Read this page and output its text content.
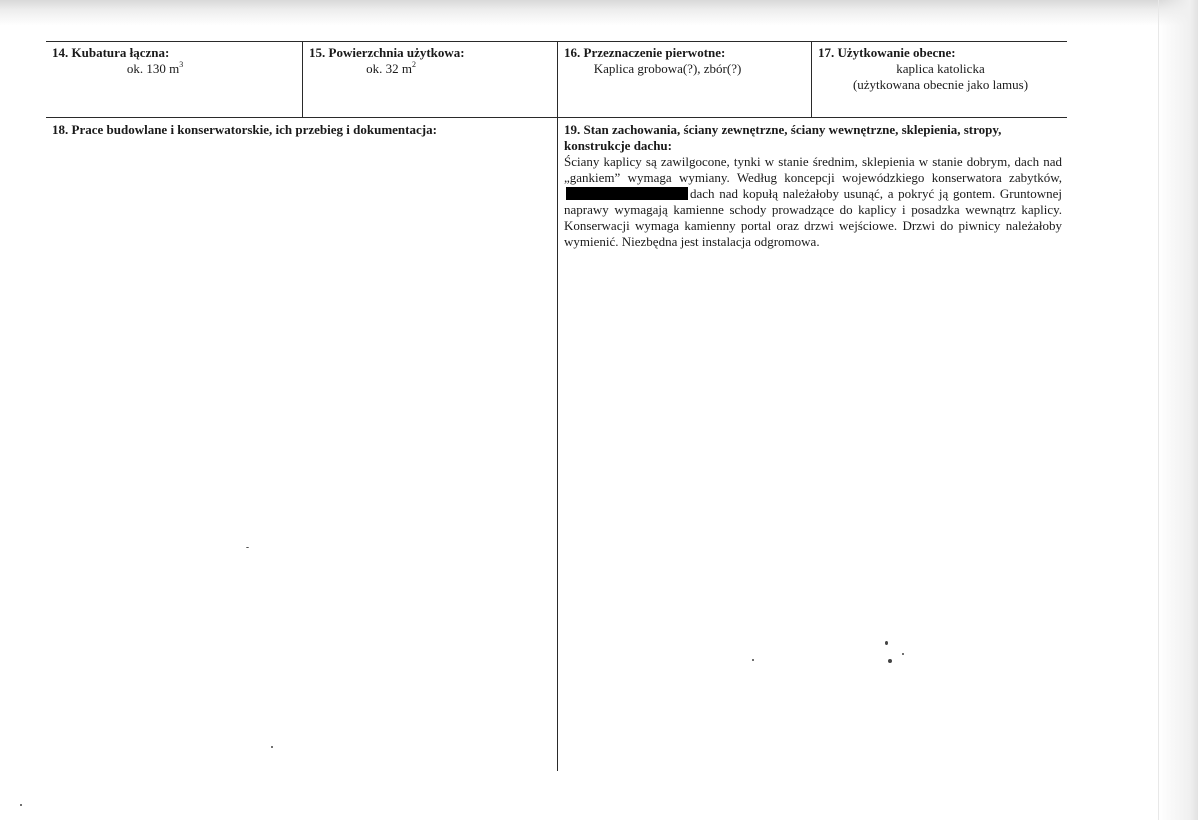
14. Kubatura łączna:
ok. 130 $m^3$
15. Powierzchnia użytkowa:
ok. 32 $m^2$
16. Przeznaczenie pierwotne:
Kaplica grobowa(?), zbór(?)
17. Użytkowanie obecne:
kaplica katolicka
(użytkowana obecnie jako lamus)
18. Prace budowlane i konserwatorskie, ich przebieg i dokumentacja:	19. Stan zachowania, ściany zewnętrzne, ściany wewnętrzne, sklepienia, stropy,
konstrukcje dachu:

Ściany kaplicy są zawilgocone, tynki w stanie średnim, sklepienia w stanie dobrym, dach nad „gankiem” wymaga wymiany. Według koncepcji wojewódzkiego konserwatora zabytków,dach nad kopułą należałoby usunąć, a pokryć ją gontem. Gruntownej naprawy wymagają kamienne schody prowadzące do kaplicy i posadzka wewnątrz kaplicy. Konserwacji wymaga kamienny portal oraz drzwi wejściowe. Drzwi do piwnicy należałoby wymienić. Niezbędna jest instalacja odgromowa.
